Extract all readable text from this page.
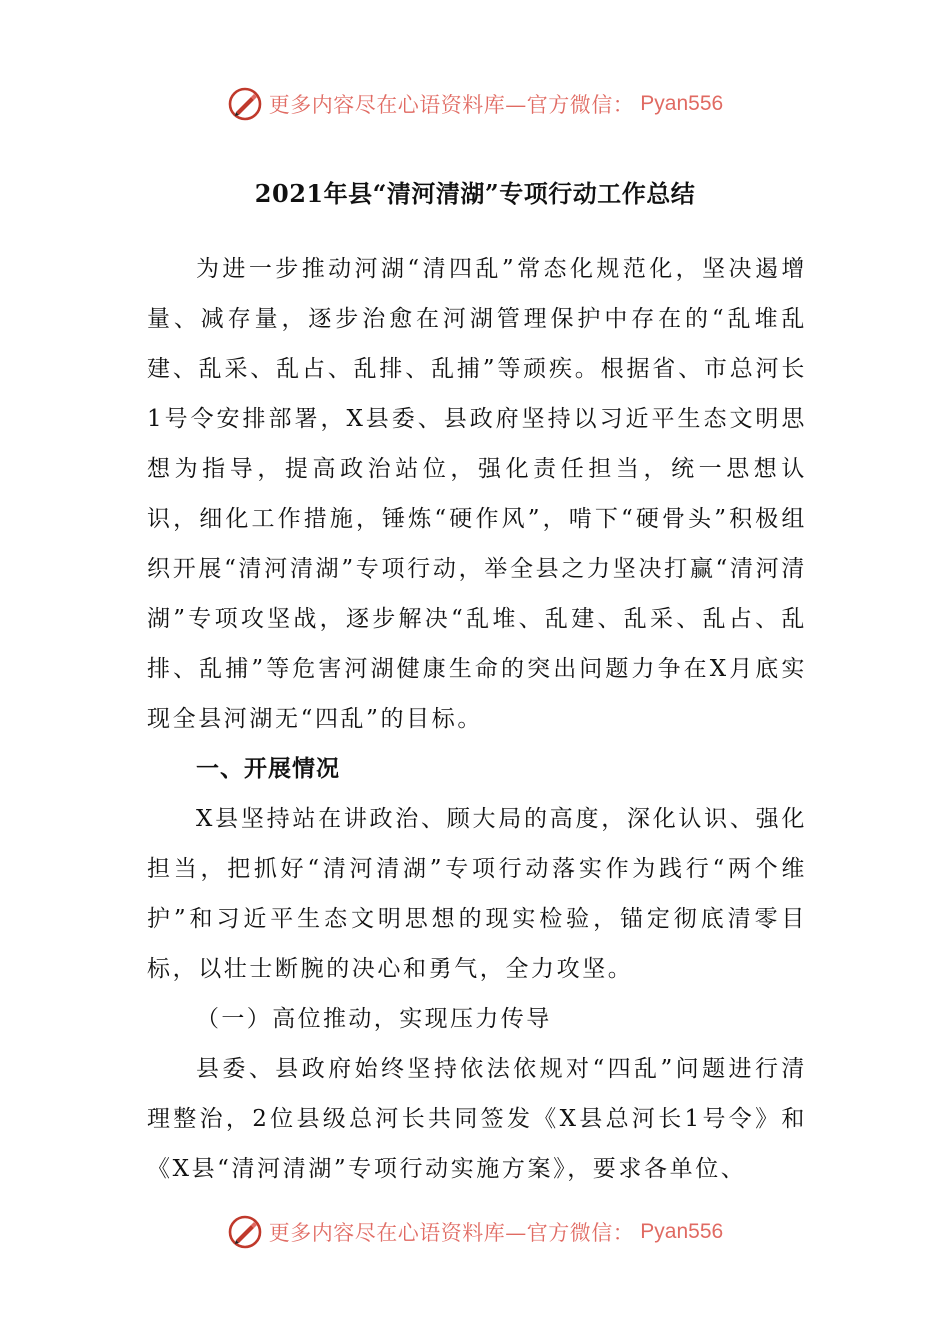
更多内容尽在心语资料库—官方微信： Pyan556
2021年县“清河清湖”专项行动工作总结

为进一步推动河湖“清四乱”常态化规范化，坚决遏增量、减存量，逐步治愈在河湖管理保护中存在的“乱堆乱建、乱采、乱占、乱排、乱捕”等顽疾。根据省、市总河长1号令安排部署，X县委、县政府坚持以习近平生态文明思想为指导，提高政治站位，强化责任担当，统一思想认识，细化工作措施，锤炼“硬作风”，啃下“硬骨头”积极组织开展“清河清湖”专项行动，举全县之力坚决打赢“清河清湖”专项攻坚战，逐步解决“乱堆、乱建、乱采、乱占、乱排、乱捕”等危害河湖健康生命的突出问题力争在X月底实现全县河湖无“四乱”的目标。

一、开展情况

X县坚持站在讲政治、顾大局的高度，深化认识、强化担当，把抓好“清河清湖”专项行动落实作为践行“两个维护”和习近平生态文明思想的现实检验，锚定彻底清零目标，以壮士断腕的决心和勇气，全力攻坚。

（一）高位推动，实现压力传导

县委、县政府始终坚持依法依规对“四乱”问题进行清理整治，2位县级总河长共同签发《X县总河长1号令》和《X县“清河清湖”专项行动实施方案》，要求各单位、

更多内容尽在心语资料库—官方微信： Pyan556
